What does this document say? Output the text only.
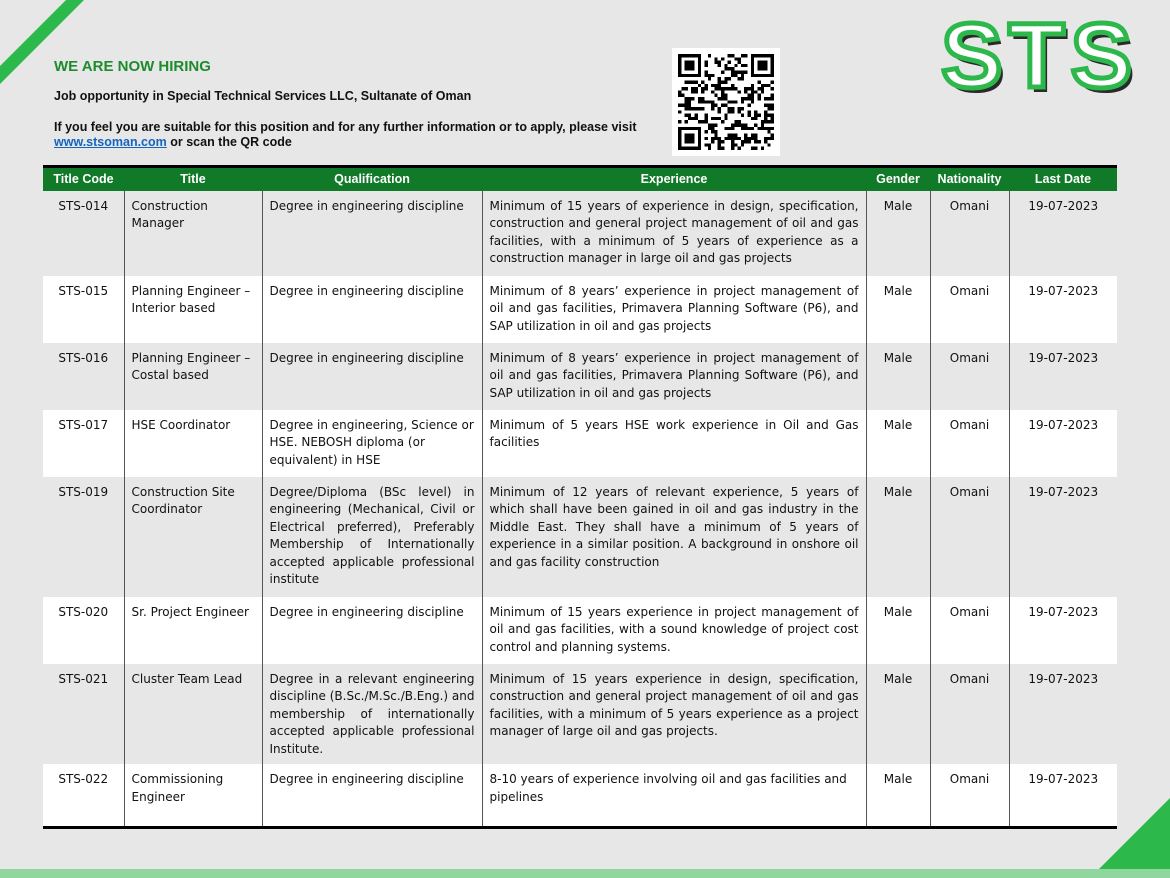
STS
WE ARE NOW HIRING
Job opportunity in Special Technical Services LLC, Sultanate of Oman
If you feel you are suitable for this position and for any further information or to apply, please visit
www.stsoman.com or scan the QR code
Title Code	Title	Qualification	Experience	Gender	Nationality	Last Date
STS-014	Construction Manager	Degree in engineering discipline	Minimum of 15 years of experience in design, specification, construction and general project management of oil and gas facilities, with a minimum of 5 years of experience as a construction manager in large oil and gas projects	Male	Omani	19-07-2023
STS-015	Planning Engineer – Interior based	Degree in engineering discipline	Minimum of 8 years’ experience in project management of oil and gas facilities, Primavera Planning Software (P6), and SAP utilization in oil and gas projects	Male	Omani	19-07-2023
STS-016	Planning Engineer – Costal based	Degree in engineering discipline	Minimum of 8 years’ experience in project management of oil and gas facilities, Primavera Planning Software (P6), and SAP utilization in oil and gas projects	Male	Omani	19-07-2023
STS-017	HSE Coordinator	Degree in engineering, Science or HSE. NEBOSH diploma (or equivalent) in HSE	Minimum of 5 years HSE work experience in Oil and Gas facilities	Male	Omani	19-07-2023
STS-019	Construction Site Coordinator	Degree/Diploma (BSc level) in engineering (Mechanical, Civil or Electrical preferred), Preferably Membership of Internationally accepted applicable professional institute	Minimum of 12 years of relevant experience, 5 years of which shall have been gained in oil and gas industry in the Middle East. They shall have a minimum of 5 years of experience in a similar position. A background in onshore oil and gas facility construction	Male	Omani	19-07-2023
STS-020	Sr. Project Engineer	Degree in engineering discipline	Minimum of 15 years experience in project management of oil and gas facilities, with a sound knowledge of project cost control and planning systems.	Male	Omani	19-07-2023
STS-021	Cluster Team Lead	Degree in a relevant engineering discipline (B.Sc./M.Sc./B.Eng.) and membership of internationally accepted applicable professional Institute.	Minimum of 15 years experience in design, specification, construction and general project management of oil and gas facilities, with a minimum of 5 years experience as a project manager of large oil and gas projects.	Male	Omani	19-07-2023
STS-022	Commissioning Engineer	Degree in engineering discipline	8-10 years of experience involving oil and gas facilities and pipelines	Male	Omani	19-07-2023
